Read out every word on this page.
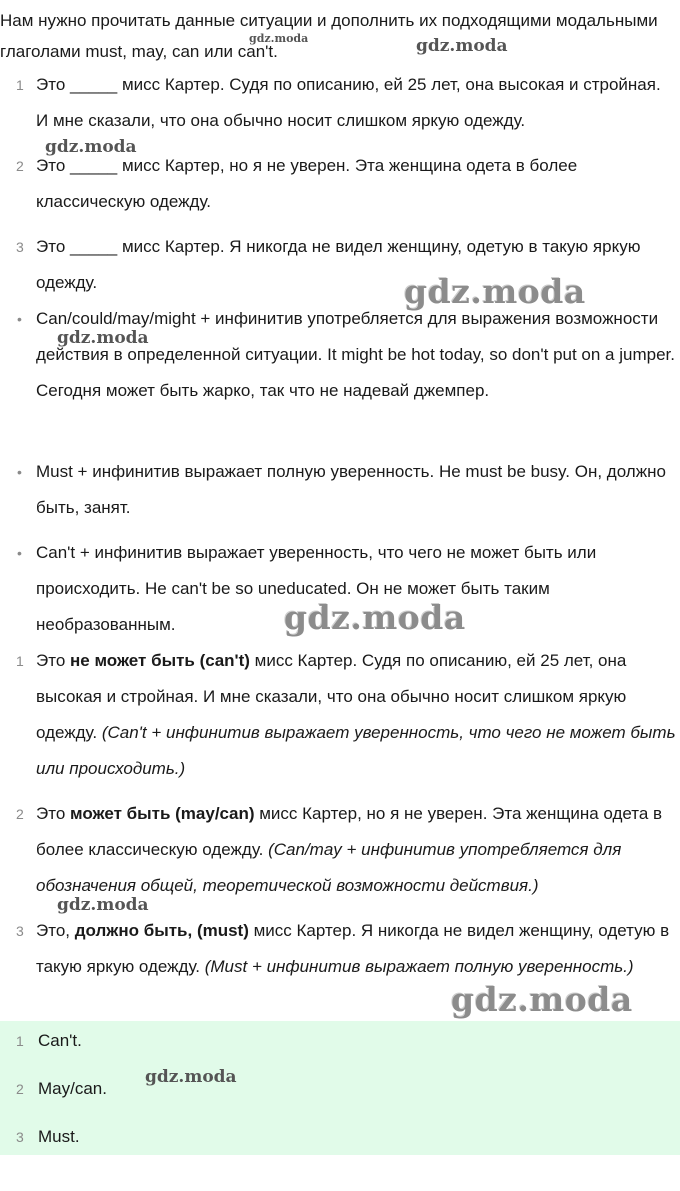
Нам нужно прочитать данные ситуации и дополнить их подходящими модальными глаголами must, may, can или can't.
1 Это _____ мисс Картер. Судя по описанию, ей 25 лет, она высокая и стройная. И мне сказали, что она обычно носит слишком яркую одежду.
2 Это _____ мисс Картер, но я не уверен. Эта женщина одета в более классическую одежду.
3 Это _____ мисс Картер. Я никогда не видел женщину, одетую в такую яркую одежду.
• Can/could/may/might + инфинитив употребляется для выражения возможности действия в определенной ситуации. It might be hot today, so don't put on a jumper. Сегодня может быть жарко, так что не надевай джемпер.
• Must + инфинитив выражает полную уверенность. He must be busy. Он, должно быть, занят.
• Can't + инфинитив выражает уверенность, что чего не может быть или происходить. He can't be so uneducated. Он не может быть таким необразованным.
1 Это не может быть (can't) мисс Картер. Судя по описанию, ей 25 лет, она высокая и стройная. И мне сказали, что она обычно носит слишком яркую одежду. (Can't + инфинитив выражает уверенность, что чего не может быть или происходить.)
2 Это может быть (may/can) мисс Картер, но я не уверен. Эта женщина одета в более классическую одежду. (Can/may + инфинитив употребляется для обозначения общей, теоретической возможности действия.)
3 Это, должно быть, (must) мисс Картер. Я никогда не видел женщину, одетую в такую яркую одежду. (Must + инфинитив выражает полную уверенность.)
1 Can't.
2 May/can.
3 Must.
gdz.moda	gdz.moda
gdz.moda
gdz.moda
gdz.moda
gdz.moda
gdz.moda
gdz.moda
gdz.moda
